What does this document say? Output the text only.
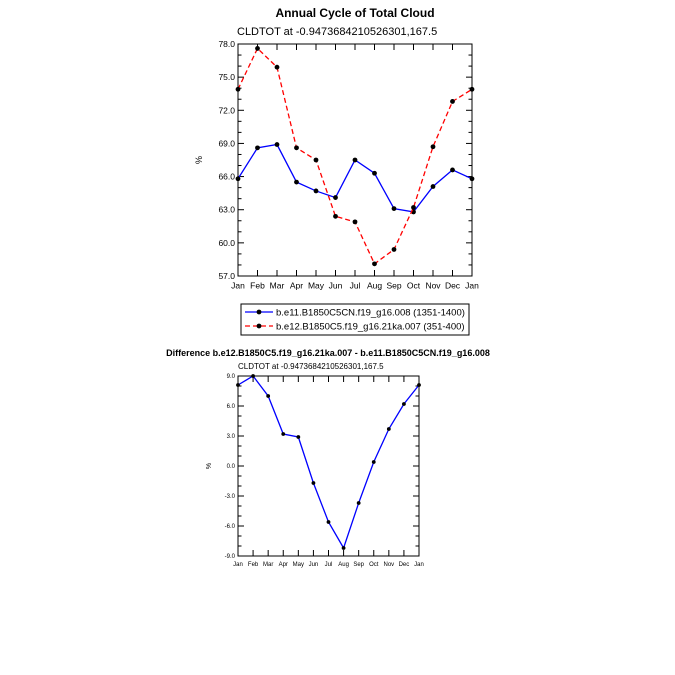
Annual Cycle of Total Cloud
CLDTOT at -0.9473684210526301,167.5
%
57.0
60.0
63.0
66.0
69.0
72.0
75.0
78.0
Jan Feb Mar Apr May Jun Jul Aug Sep Oct Nov Dec Jan
b.e11.B1850C5CN.f19_g16.008 (1351-1400)
b.e12.B1850C5.f19_g16.21ka.007 (351-400)
Difference b.e12.B1850C5.f19_g16.21ka.007 - b.e11.B1850C5CN.f19_g16.008
CLDTOT at -0.9473684210526301,167.5
%
-9.0
-6.0
-3.0
0.0
3.0
6.0
9.0
Jan Feb Mar Apr May Jun Jul Aug Sep Oct Nov Dec Jan
